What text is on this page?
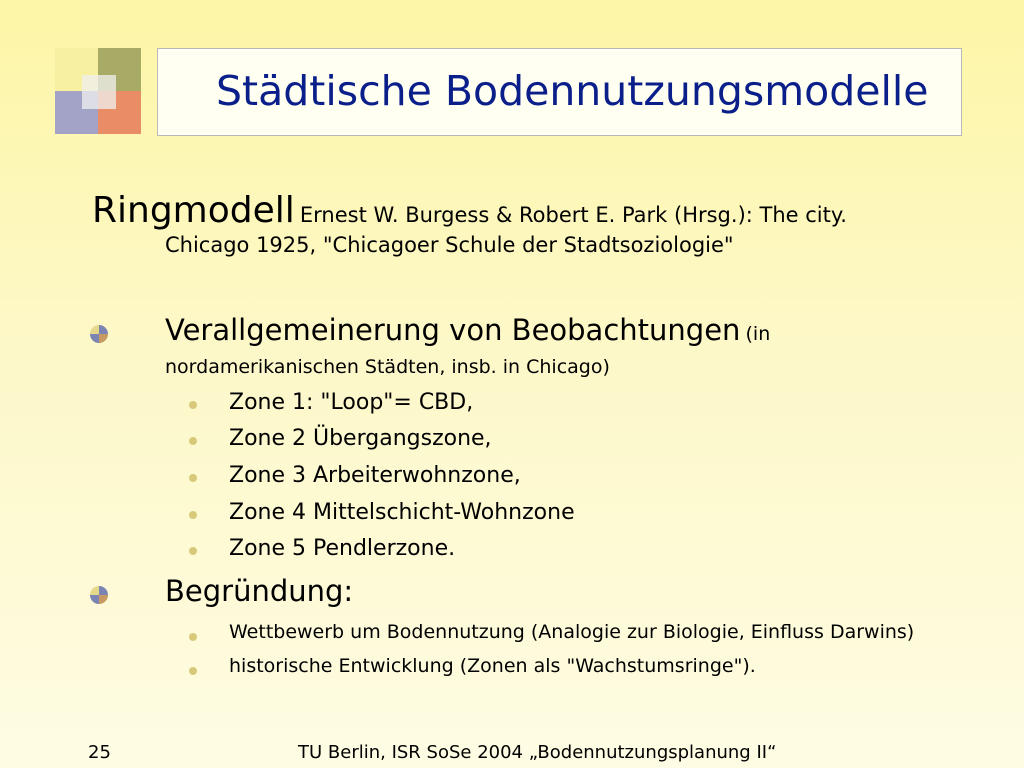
Städtische Bodennutzungsmodelle
Ringmodell Ernest W. Burgess & Robert E. Park (Hrsg.): The city.
Chicago 1925, "Chicagoer Schule der Stadtsoziologie"
Verallgemeinerung von Beobachtungen (in
nordamerikanischen Städten, insb. in Chicago)
Zone 1: "Loop"= CBD,
Zone 2 Übergangszone,
Zone 3 Arbeiterwohnzone,
Zone 4 Mittelschicht-Wohnzone
Zone 5 Pendlerzone.
Begründung:
Wettbewerb um Bodennutzung (Analogie zur Biologie, Einfluss Darwins)
historische Entwicklung (Zonen als "Wachstumsringe").
25	TU Berlin, ISR SoSe 2004 „Bodennutzungsplanung II“
